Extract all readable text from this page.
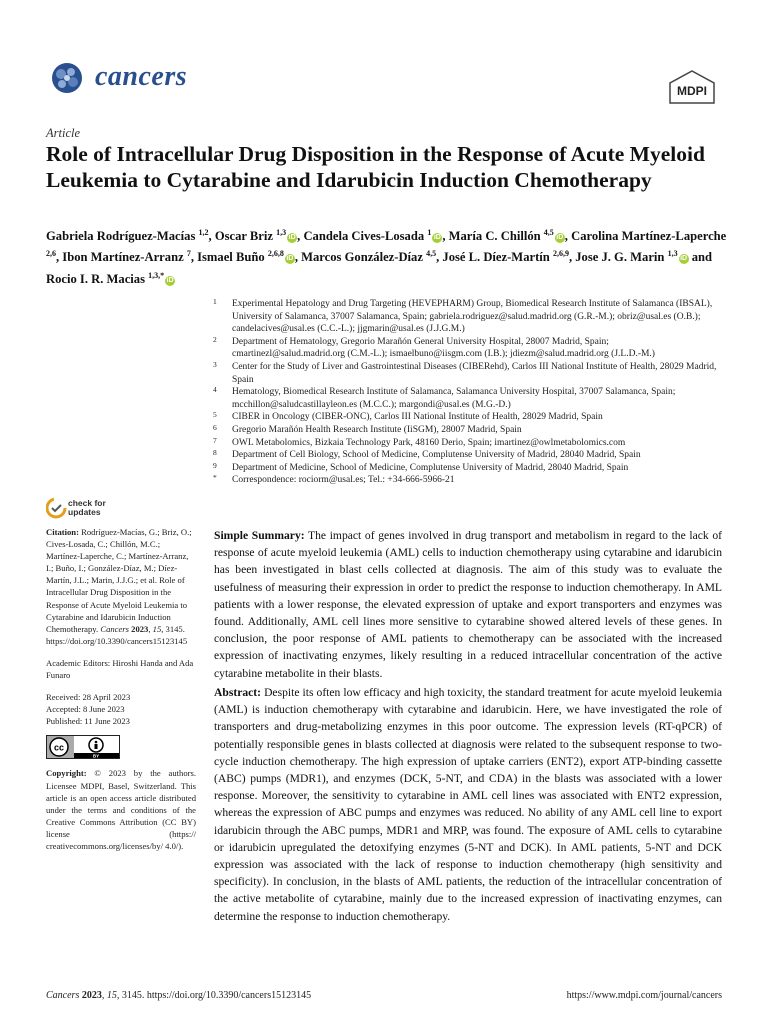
cancers	MDPI
Article
Role of Intracellular Drug Disposition in the Response of Acute Myeloid Leukemia to Cytarabine and Idarubicin Induction Chemotherapy
Gabriela Rodríguez-Macías $^{1,2}$, Oscar Briz $^{1,3}$iD , Candela Cives-Losada $^1$iD , María C. Chillón $^{4,5}$iD , Carolina Martínez-Laperche $^{2,6}$, Ibon Martínez-Arranz $^7$, Ismael Buño $^{2,6,8}$iD , Marcos González-Díaz $^{4,5}$, José L. Díez-Martín $^{2,6,9}$, Jose J. G. Marin $^{1,3}$iD and Rocio I. R. Macias $^{1,3,*}$iD
1 Experimental Hepatology and Drug Targeting (HEVEPHARM) Group, Biomedical Research Institute of Salamanca (IBSAL), University of Salamanca, 37007 Salamanca, Spain; gabriela.rodriguez@salud.madrid.org (G.R.-M.); obriz@usal.es (O.B.); candelacives@usal.es (C.C.-L.); jjgmarin@usal.es (J.J.G.M.)
2 Department of Hematology, Gregorio Marañón General University Hospital, 28007 Madrid, Spain; cmartinezl@salud.madrid.org (C.M.-L.); ismaelbuno@iisgm.com (I.B.); jdiezm@salud.madrid.org (J.L.D.-M.)
3 Center for the Study of Liver and Gastrointestinal Diseases (CIBERehd), Carlos III National Institute of Health, 28029 Madrid, Spain
4 Hematology, Biomedical Research Institute of Salamanca, Salamanca University Hospital, 37007 Salamanca, Spain; mcchillon@saludcastillayleon.es (M.C.C.); margondi@usal.es (M.G.-D.)
5 CIBER in Oncology (CIBER-ONC), Carlos III National Institute of Health, 28029 Madrid, Spain
6 Gregorio Marañón Health Research Institute (IiSGM), 28007 Madrid, Spain
7 OWL Metabolomics, Bizkaia Technology Park, 48160 Derio, Spain; imartinez@owlmetabolomics.com
8 Department of Cell Biology, School of Medicine, Complutense University of Madrid, 28040 Madrid, Spain
9 Department of Medicine, School of Medicine, Complutense University of Madrid, 28040 Madrid, Spain
* Correspondence: rociorm@usal.es; Tel.: +34-666-5966-21
check for
updates

Citation: Rodríguez-Macías, G.; Briz, O.; Cives-Losada, C.; Chillón, M.C.; Martínez-Laperche, C.; Martínez-Arranz, I.; Buño, I.; González-Díaz, M.; Díez-Martín, J.L.; Marin, J.J.G.; et al. Role of Intracellular Drug Disposition in the Response of Acute Myeloid Leukemia to Cytarabine and Idarubicin Induction Chemotherapy. Cancers 2023, 15, 3145. https://doi.org/10.3390/cancers15123145

Academic Editors: Hiroshi Handa and Ada Funaro

Received: 28 April 2023
Accepted: 8 June 2023
Published: 11 June 2023
cc
BY

Copyright: © 2023 by the authors. Licensee MDPI, Basel, Switzerland. This article is an open access article distributed under the terms and conditions of the Creative Commons Attribution (CC BY) license (https:// creativecommons.org/licenses/by/ 4.0/).

Simple Summary: The impact of genes involved in drug transport and metabolism in regard to the lack of response of acute myeloid leukemia (AML) cells to induction chemotherapy using cytarabine and idarubicin has been investigated in blast cells collected at diagnosis. The aim of this study was to evaluate the usefulness of measuring their expression in order to predict the response to induction chemotherapy. In AML patients with a lower response, the elevated expression of uptake and export transporters and enzymes was found. Additionally, AML cell lines more sensitive to cytarabine showed altered levels of these genes. In conclusion, the poor response of AML patients to chemotherapy can be associated with the increased expression of inactivating enzymes, likely resulting in a reduced intracellular concentration of the active cytarabine metabolite in their blasts.

Abstract: Despite its often low efficacy and high toxicity, the standard treatment for acute myeloid leukemia (AML) is induction chemotherapy with cytarabine and idarubicin. Here, we have investigated the role of transporters and drug-metabolizing enzymes in this poor outcome. The expression levels (RT-qPCR) of potentially responsible genes in blasts collected at diagnosis were related to the subsequent response to two-cycle induction chemotherapy. The high expression of uptake carriers (ENT2), export ATP-binding cassette (ABC) pumps (MDR1), and enzymes (DCK, 5-NT, and CDA) in the blasts was associated with a lower response. Moreover, the sensitivity to cytarabine in AML cell lines was associated with ENT2 expression, whereas the expression of ABC pumps and enzymes was reduced. No ability of any AML cell line to export idarubicin through the ABC pumps, MDR1 and MRP, was found. The exposure of AML cells to cytarabine or idarubicin upregulated the detoxifying enzymes (5-NT and DCK). In AML patients, 5-NT and DCK expression was associated with the lack of response to induction chemotherapy (high sensitivity and specificity). In conclusion, in the blasts of AML patients, the reduction of the intracellular concentration of the active metabolite of cytarabine, mainly due to the increased expression of inactivating enzymes, can determine the response to induction chemotherapy.

Cancers 2023, 15, 3145. https://doi.org/10.3390/cancers15123145	https://www.mdpi.com/journal/cancers
